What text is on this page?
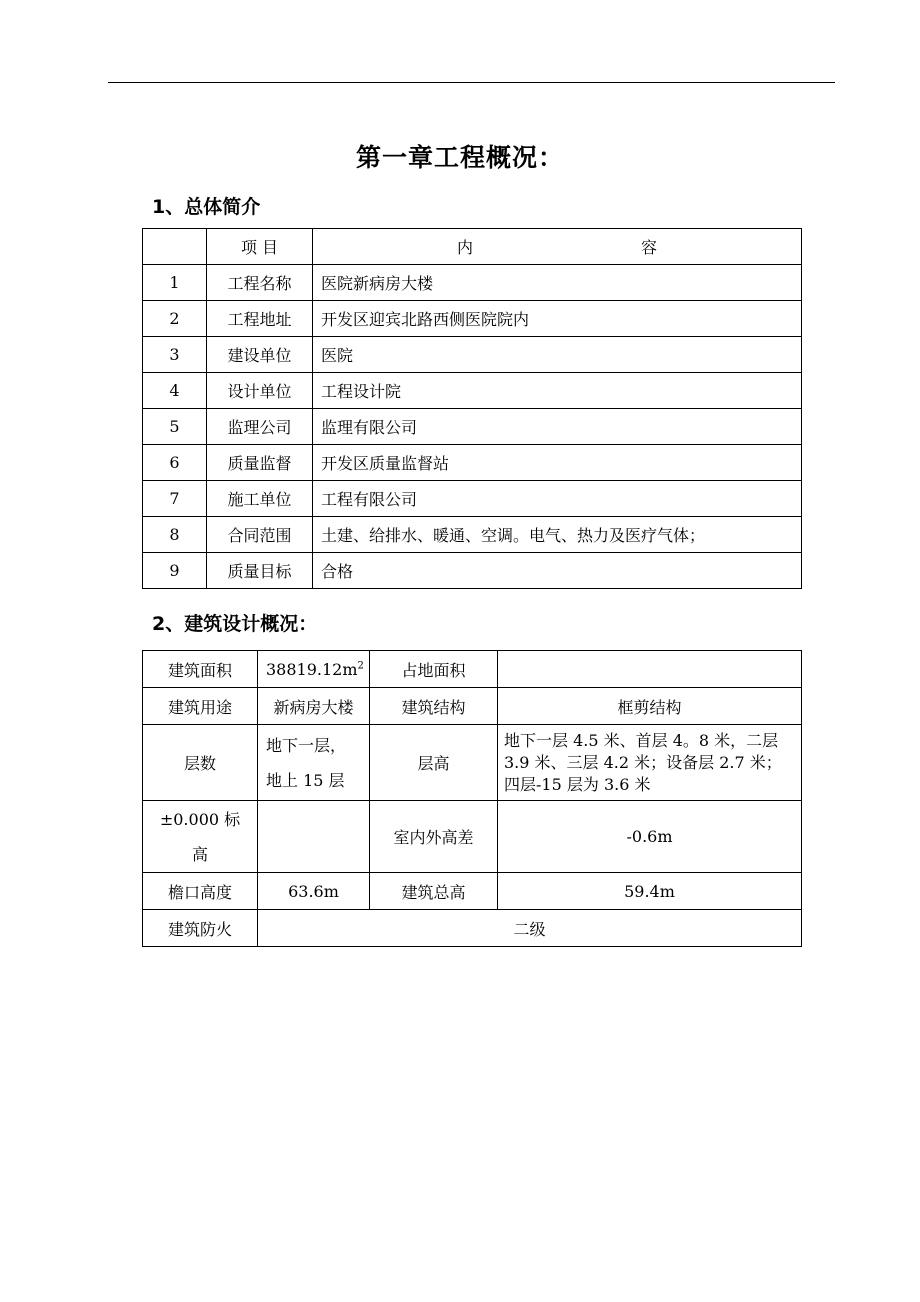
第一章工程概况：
1、总体简介
	项 目	内 容

1	工程名称	医院新病房大楼
2	工程地址	开发区迎宾北路西侧医院院内
3	建设单位	医院
4	设计单位	工程设计院
5	监理公司	监理有限公司
6	质量监督	开发区质量监督站
7	施工单位	工程有限公司
8	合同范围	土建、给排水、暖通、空调。电气、热力及医疗气体；
9	质量目标	合格
2、建筑设计概况：
建筑面积	$38819.12m^2$	占地面积	
建筑用途	新病房大楼	建筑结构	框剪结构
层数	地下一层，
地上 15 层	层高	地下一层 4.5 米、首层 4。8 米，二层 3.9 米、三层 4.2 米；设备层 2.7 米；四层-15 层为 3.6 米

±0.000 标
高		室内外高差	-0.6m
檐口高度	63.6m	建筑总高	59.4m
建筑防火	二级		
